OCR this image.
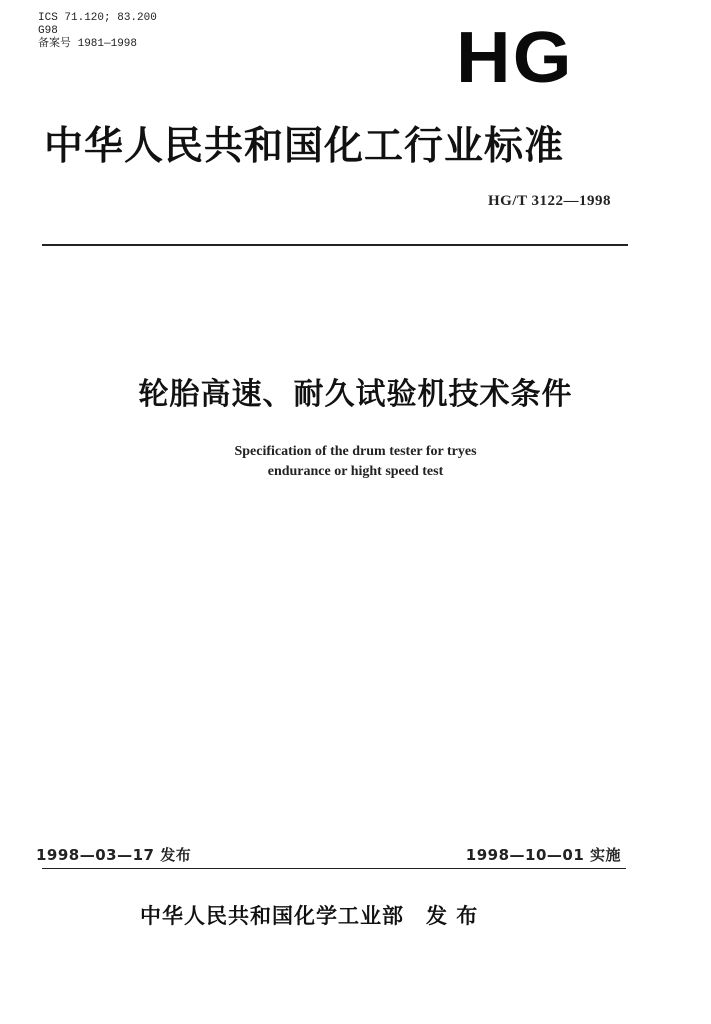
ICS 71.120; 83.200
G98
备案号 1981—1998	HG
中华人民共和国化工行业标准
HG/T 3122—1998
轮胎高速、耐久试验机技术条件
Specification of the drum tester for tryes
endurance or hight speed test
1998—03—17 发布	1998—10—01 实施
中华人民共和国化学工业部 发 布
